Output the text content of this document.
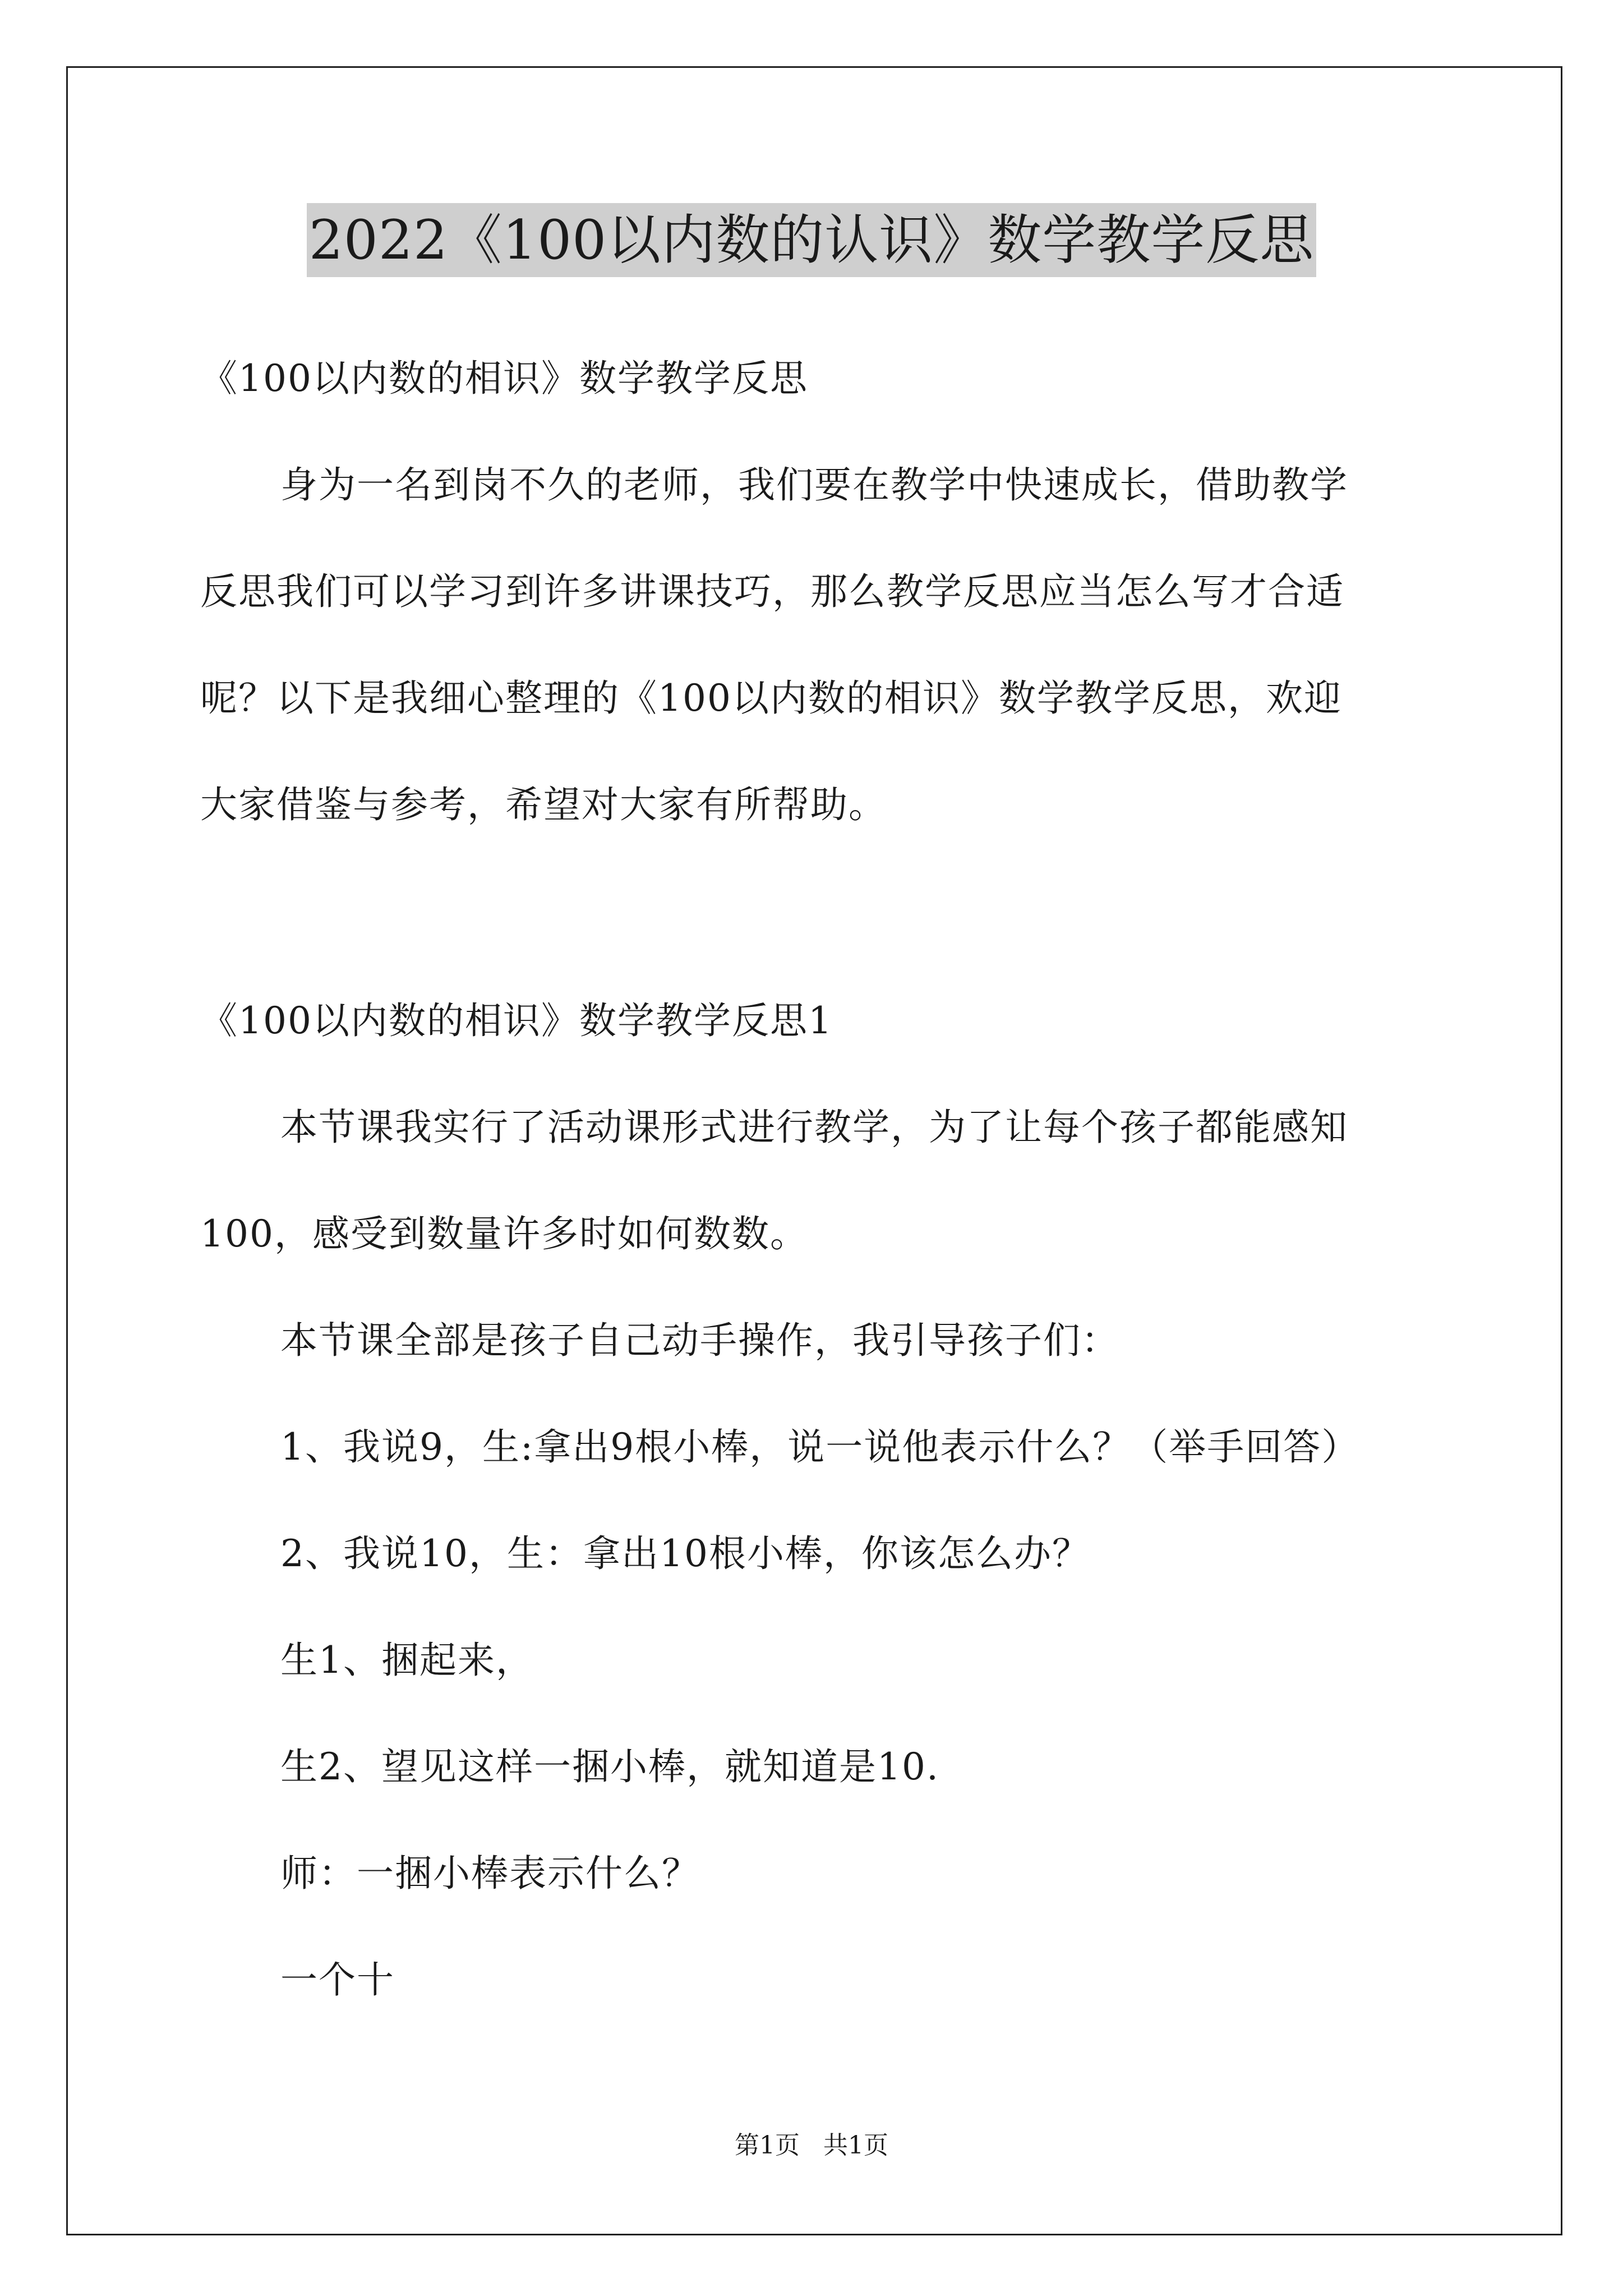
2022《100以内数的认识》数学教学反思
《100以内数的相识》数学教学反思
身为一名到岗不久的老师，我们要在教学中快速成长，借助教学
反思我们可以学习到许多讲课技巧，那么教学反思应当怎么写才合适
呢？以下是我细心整理的《100以内数的相识》数学教学反思，欢迎
大家借鉴与参考，希望对大家有所帮助。
《100以内数的相识》数学教学反思1
本节课我实行了活动课形式进行教学，为了让每个孩子都能感知
100，感受到数量许多时如何数数。
本节课全部是孩子自己动手操作，我引导孩子们：
1、我说9，生:拿出9根小棒，说一说他表示什么？（举手回答）
2、我说10，生：拿出10根小棒，你该怎么办？
生1、捆起来，
生2、望见这样一捆小棒，就知道是10.
师：一捆小棒表示什么？
一个十
第1页   共1页
